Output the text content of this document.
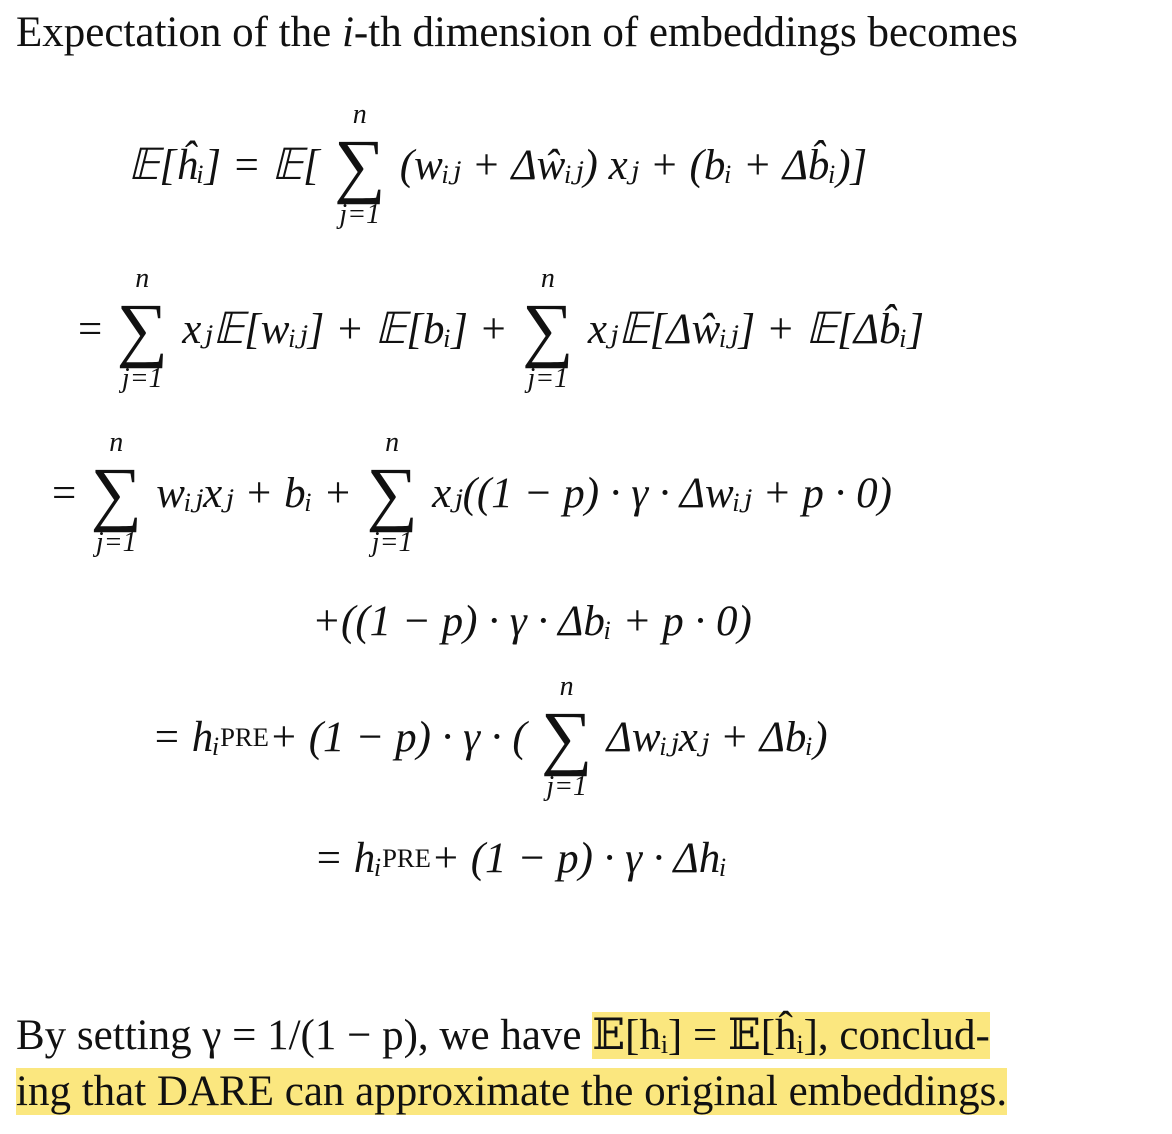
Expectation of the i-th dimension of embeddings becomes
𝔼[ĥᵢ] = 𝔼[
n
∑
j=1
(wᵢⱼ + Δŵᵢⱼ) xⱼ + (bᵢ + Δb̂ᵢ)]
=
n
∑
j=1
xⱼ𝔼[wᵢⱼ] + 𝔼[bᵢ] +
n
∑
j=1
xⱼ𝔼[Δŵᵢⱼ] + 𝔼[Δb̂ᵢ]
=
n
∑
j=1
wᵢⱼxⱼ + bᵢ +
n
∑
j=1
xⱼ((1 − p) · γ · Δwᵢⱼ + p · 0)
+((1 − p) · γ · Δbᵢ + p · 0)
= hᵢ PRE + (1 − p) · γ · (
n
∑
j=1
Δwᵢⱼxⱼ + Δbᵢ)
= hᵢ PRE + (1 − p) · γ · Δhᵢ
By setting γ = 1/(1 − p), we have 𝔼[hᵢ] = 𝔼[ĥᵢ], conclud-
ing that DARE can approximate the original embeddings.
